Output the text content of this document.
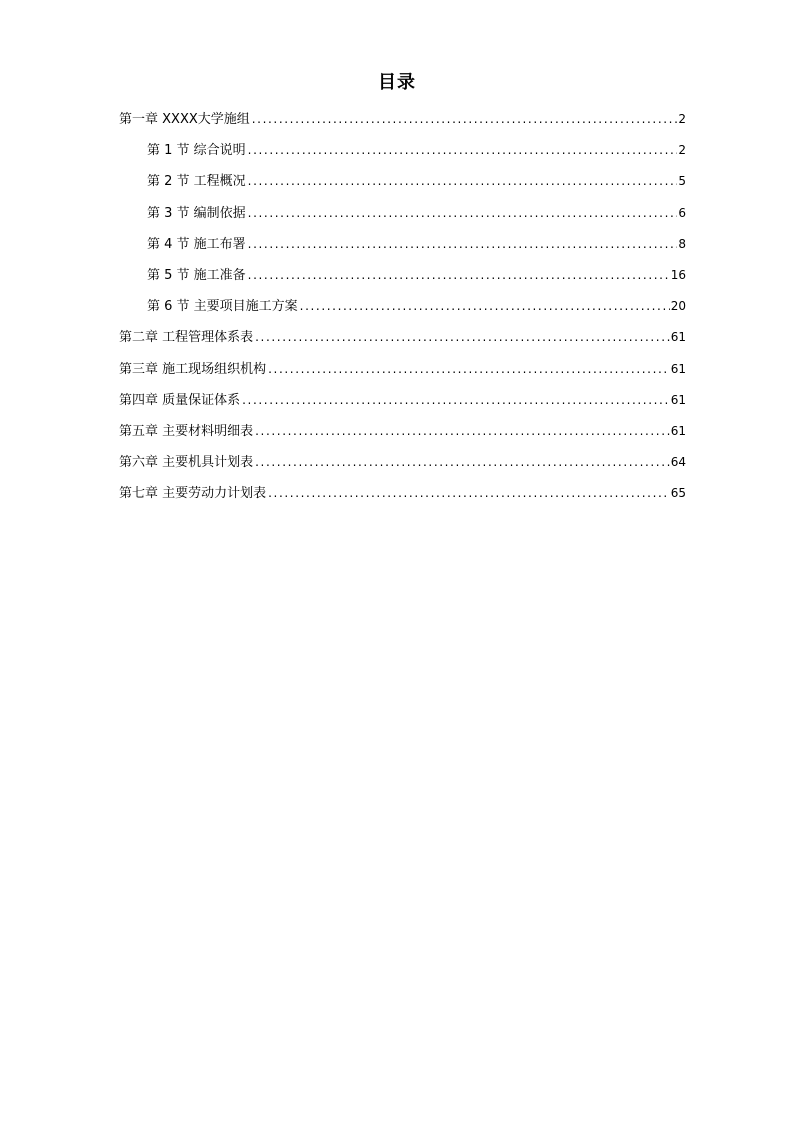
目录
第一章 XXXX大学施组 .....	2
第 1 节 综合说明 .....	2
第 2 节 工程概况 .....	5
第 3 节 编制依据 .....	6
第 4 节 施工布署 .....	8
第 5 节 施工准备 .....	16
第 6 节 主要项目施工方案 .....	20
第二章 工程管理体系表 .....	61
第三章 施工现场组织机构 .....	61
第四章 质量保证体系 .....	61
第五章 主要材料明细表 .....	61
第六章 主要机具计划表 .....	64
第七章 主要劳动力计划表 .....	65
